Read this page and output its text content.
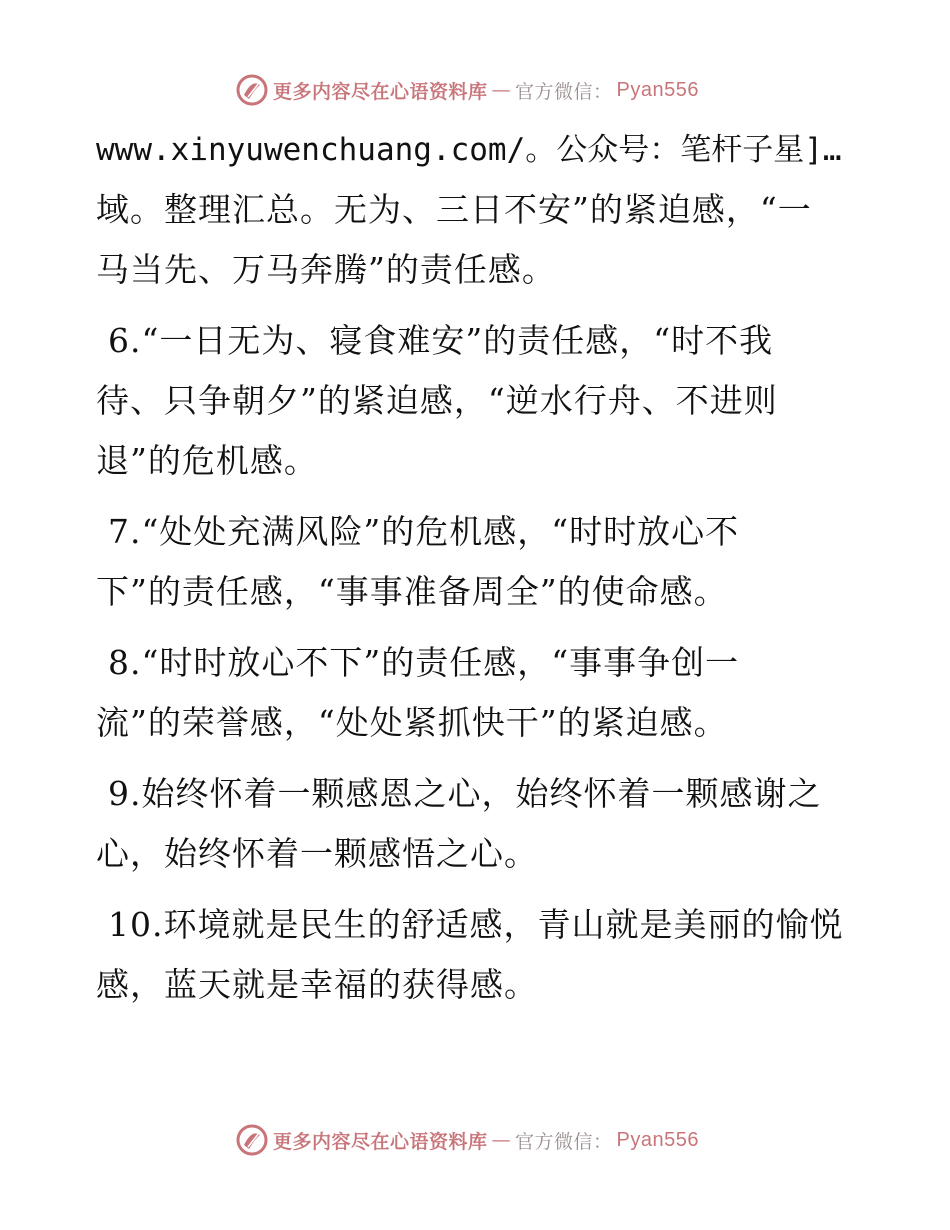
更多内容尽在心语资料库 — 官方微信： Pyan556
www.xinyuwenchuang.com/。公众号：笔杆子星]…
域。整理汇总。无为、三日不安”的紧迫感，“一
马当先、万马奔腾”的责任感。
6.“一日无为、寝食难安”的责任感，“时不我
待、只争朝夕”的紧迫感，“逆水行舟、不进则
退”的危机感。
7.“处处充满风险”的危机感，“时时放心不
下”的责任感，“事事准备周全”的使命感。
8.“时时放心不下”的责任感，“事事争创一
流”的荣誉感，“处处紧抓快干”的紧迫感。
9.始终怀着一颗感恩之心，始终怀着一颗感谢之
心，始终怀着一颗感悟之心。
10.环境就是民生的舒适感，青山就是美丽的愉悦
感，蓝天就是幸福的获得感。
更多内容尽在心语资料库 — 官方微信： Pyan556
